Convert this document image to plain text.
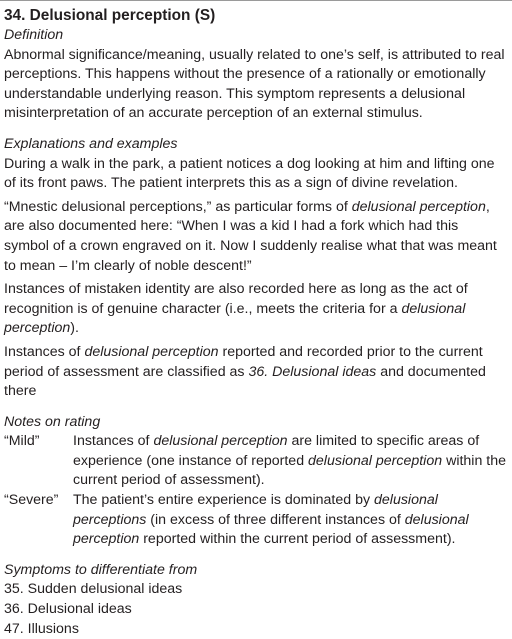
34. Delusional perception (S)

Definition

Abnormal significance/meaning, usually related to one’s self, is attributed to real perceptions. This happens without the presence of a rationally or emotionally understandable underlying reason. This symptom represents a delusional misinterpretation of an accurate perception of an external stimulus.

Explanations and examples

During a walk in the park, a patient notices a dog looking at him and lifting one of its front paws. The patient interprets this as a sign of divine revelation.

“Mnestic delusional perceptions,” as particular forms of delusional perception, are also documented here: “When I was a kid I had a fork which had this symbol of a crown engraved on it. Now I suddenly realise what that was meant to mean – I’m clearly of noble descent!”

Instances of mistaken identity are also recorded here as long as the act of recognition is of genuine character (i.e., meets the criteria for a delusional perception).

Instances of delusional perception reported and recorded prior to the current period of assessment are classified as 36. Delusional ideas and documented there

Notes on rating

“Mild”	Instances of delusional perception are limited to specific areas of experience (one instance of reported delusional perception within the current period of assessment).
“Severe”	The patient’s entire experience is dominated by delusional perceptions (in excess of three different instances of delusional perception reported within the current period of assessment).

Symptoms to differentiate from

35. Sudden delusional ideas

36. Delusional ideas

47. Illusions
